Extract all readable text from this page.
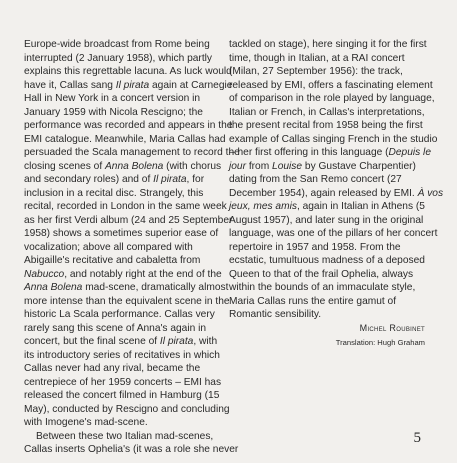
Europe-wide broadcast from Rome being
interrupted (2 January 1958), which partly
explains this regrettable lacuna. As luck would
have it, Callas sang Il pirata again at Carnegie
Hall in New York in a concert version in
January 1959 with Nicola Rescigno; the
performance was recorded and appears in the
EMI catalogue. Meanwhile, Maria Callas had
persuaded the Scala management to record the
closing scenes of Anna Bolena (with chorus
and secondary roles) and of Il pirata, for
inclusion in a recital disc. Strangely, this
recital, recorded in London in the same week
as her first Verdi album (24 and 25 September
1958) shows a sometimes superior ease of
vocalization; above all compared with
Abigaille's recitative and cabaletta from
Nabucco, and notably right at the end of the
Anna Bolena mad-scene, dramatically almost
more intense than the equivalent scene in the
historic La Scala performance. Callas very
rarely sang this scene of Anna's again in
concert, but the final scene of Il pirata, with
its introductory series of recitatives in which
Callas never had any rival, became the
centrepiece of her 1959 concerts – EMI has
released the concert filmed in Hamburg (15
May), conducted by Rescigno and concluding
with Imogene's mad-scene.
Between these two Italian mad-scenes,
Callas inserts Ophelia's (it was a role she never
tackled on stage), here singing it for the first
time, though in Italian, at a RAI concert
(Milan, 27 September 1956): the track,
released by EMI, offers a fascinating element
of comparison in the role played by language,
Italian or French, in Callas's interpretations,
the present recital from 1958 being the first
example of Callas singing French in the studio
– her first offering in this language (Depuis le
jour from Louise by Gustave Charpentier)
dating from the San Remo concert (27
December 1954), again released by EMI. À vos
jeux, mes amis, again in Italian in Athens (5
August 1957), and later sung in the original
language, was one of the pillars of her concert
repertoire in 1957 and 1958. From the
ecstatic, tumultuous madness of a deposed
Queen to that of the frail Ophelia, always
within the bounds of an immaculate style,
Maria Callas runs the entire gamut of
Romantic sensibility.
Michel Roubinet
Translation: Hugh Graham
5
